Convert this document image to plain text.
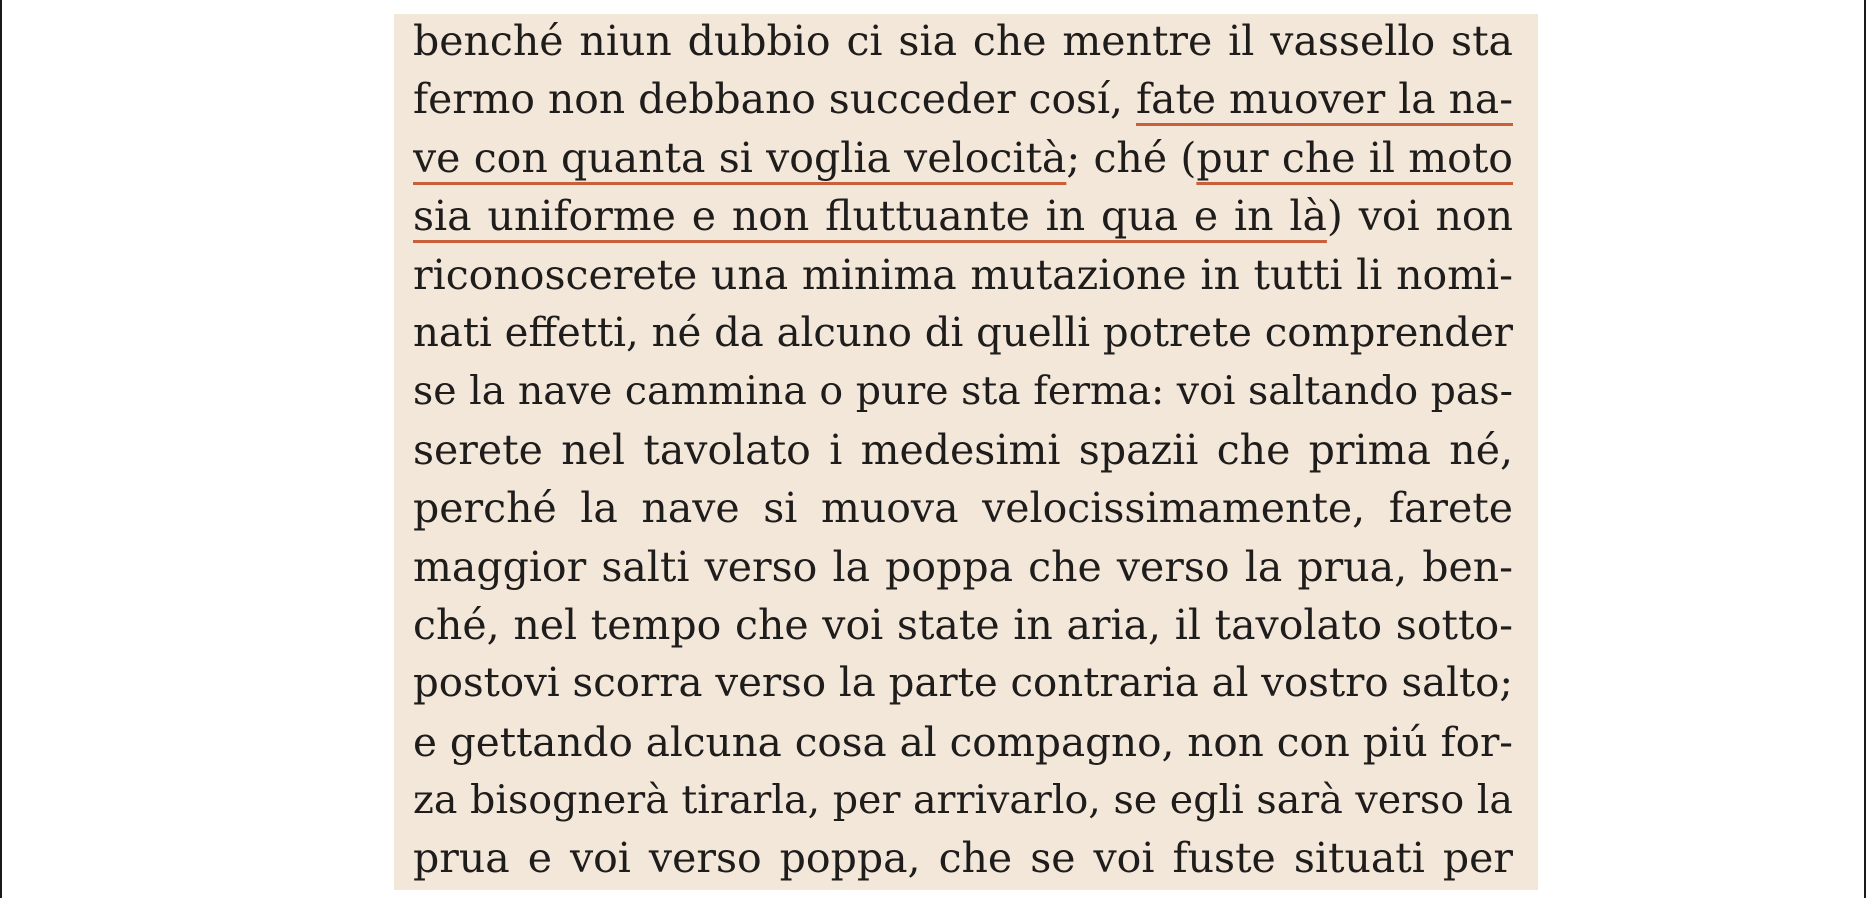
benché niun dubbio ci sia che mentre il vassello sta
fermo non debbano succeder cosí, fate muover la na-
ve con quanta si voglia velocità; ché (pur che il moto
sia uniforme e non fluttuante in qua e in là) voi non
riconoscerete una minima mutazione in tutti li nomi-
nati effetti, né da alcuno di quelli potrete comprender
se la nave cammina o pure sta ferma: voi saltando pas-
serete nel tavolato i medesimi spazii che prima né,
perché la nave si muova velocissimamente, farete
maggior salti verso la poppa che verso la prua, ben-
ché, nel tempo che voi state in aria, il tavolato sotto-
postovi scorra verso la parte contraria al vostro salto;
e gettando alcuna cosa al compagno, non con piú for-
za bisognerà tirarla, per arrivarlo, se egli sarà verso la
prua e voi verso poppa, che se voi fuste situati per
